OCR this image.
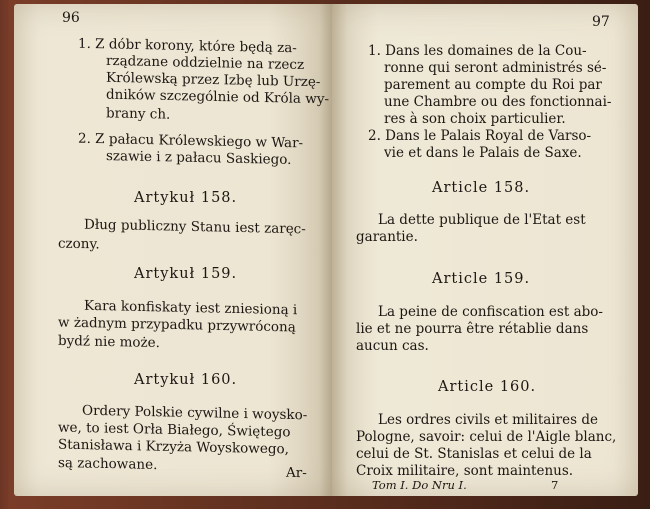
96
1. Z dóbr korony, które będą za-
rządzane oddzielnie na rzecz
Królewską przez Izbę lub Urzę-
dników szczególnie od Króla wy-
brany ch.
2. Z pałacu Królewskiego w War-
szawie i z pałacu Saskiego.
Artykuł 158.
Dług publiczny Stanu iest zaręc-
czony.
Artykuł 159.
Kara konfiskaty iest zniesioną i
w żadnym przypadku przywróconą
bydź nie może.
Artykuł 160.
Ordery Polskie cywilne i woysko-
we, to iest Orła Białego, Świętego
Stanisława i Krzyża Woyskowego,
są zachowane.	Ar-
97
1. Dans les domaines de la Cou-
ronne qui seront administrés sé-
parement au compte du Roi par
une Chambre ou des fonctionnai-
res à son choix particulier.
2. Dans le Palais Royal de Varso-
vie et dans le Palais de Saxe.
Article 158.
La dette publique de l'Etat est
garantie.
Article 159.
La peine de confiscation est abo-
lie et ne pourra être rétablie dans
aucun cas.
Article 160.
Les ordres civils et militaires de
Pologne, savoir: celui de l'Aigle blanc,
celui de St. Stanislas et celui de la
Croix militaire, sont maintenus.
Tom I. Do Nru I.	7
